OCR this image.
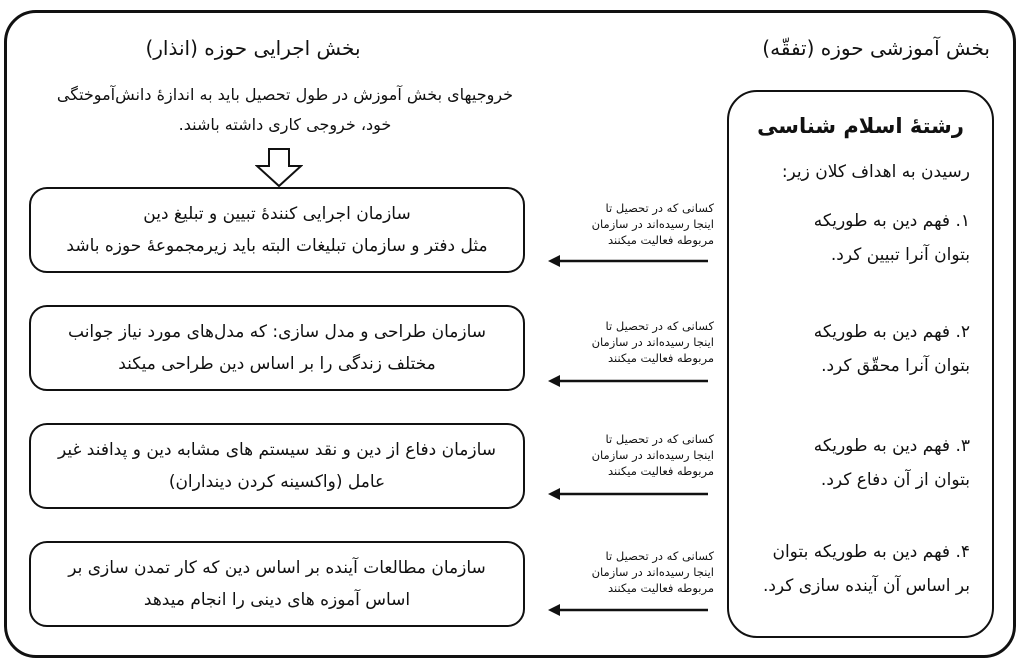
بخش اجرایی حوزه (انذار)
خروجیهای بخش آموزش در طول تحصیل باید به اندازهٔ دانش‌آموختگی
خود، خروجی کاری داشته باشند.
سازمان اجرایی کنندهٔ تبیین و تبلیغ دین
مثل دفتر و سازمان تبلیغات البته باید زیرمجموعهٔ حوزه باشد
سازمان طراحی و مدل سازی: که مدل‌های مورد نیاز جوانب
مختلف زندگی را بر اساس دین طراحی میکند
سازمان دفاع از دین و نقد سیستم های مشابه دین و پدافند غیر
عامل (واکسینه کردن دینداران)
سازمان مطالعات آینده بر اساس دین که کار تمدن سازی بر
اساس آموزه های دینی را انجام میدهد
کسانی که در تحصیل تا
اینجا رسیده‌اند در سازمان
مربوطه فعالیت میکنند
کسانی که در تحصیل تا
اینجا رسیده‌اند در سازمان
مربوطه فعالیت میکنند
کسانی که در تحصیل تا
اینجا رسیده‌اند در سازمان
مربوطه فعالیت میکنند
کسانی که در تحصیل تا
اینجا رسیده‌اند در سازمان
مربوطه فعالیت میکنند
بخش آموزشی حوزه (تفقّه)
رشتهٔ اسلام شناسی
رسیدن به اهداف کلان زیر:
۱. فهم دین به طوریکه
بتوان آنرا تبیین کرد.
۲. فهم دین به طوریکه
بتوان آنرا محقّق کرد.
۳. فهم دین به طوریکه
بتوان از آن دفاع کرد.
۴. فهم دین به طوریکه بتوان
بر اساس آن آینده سازی کرد.
